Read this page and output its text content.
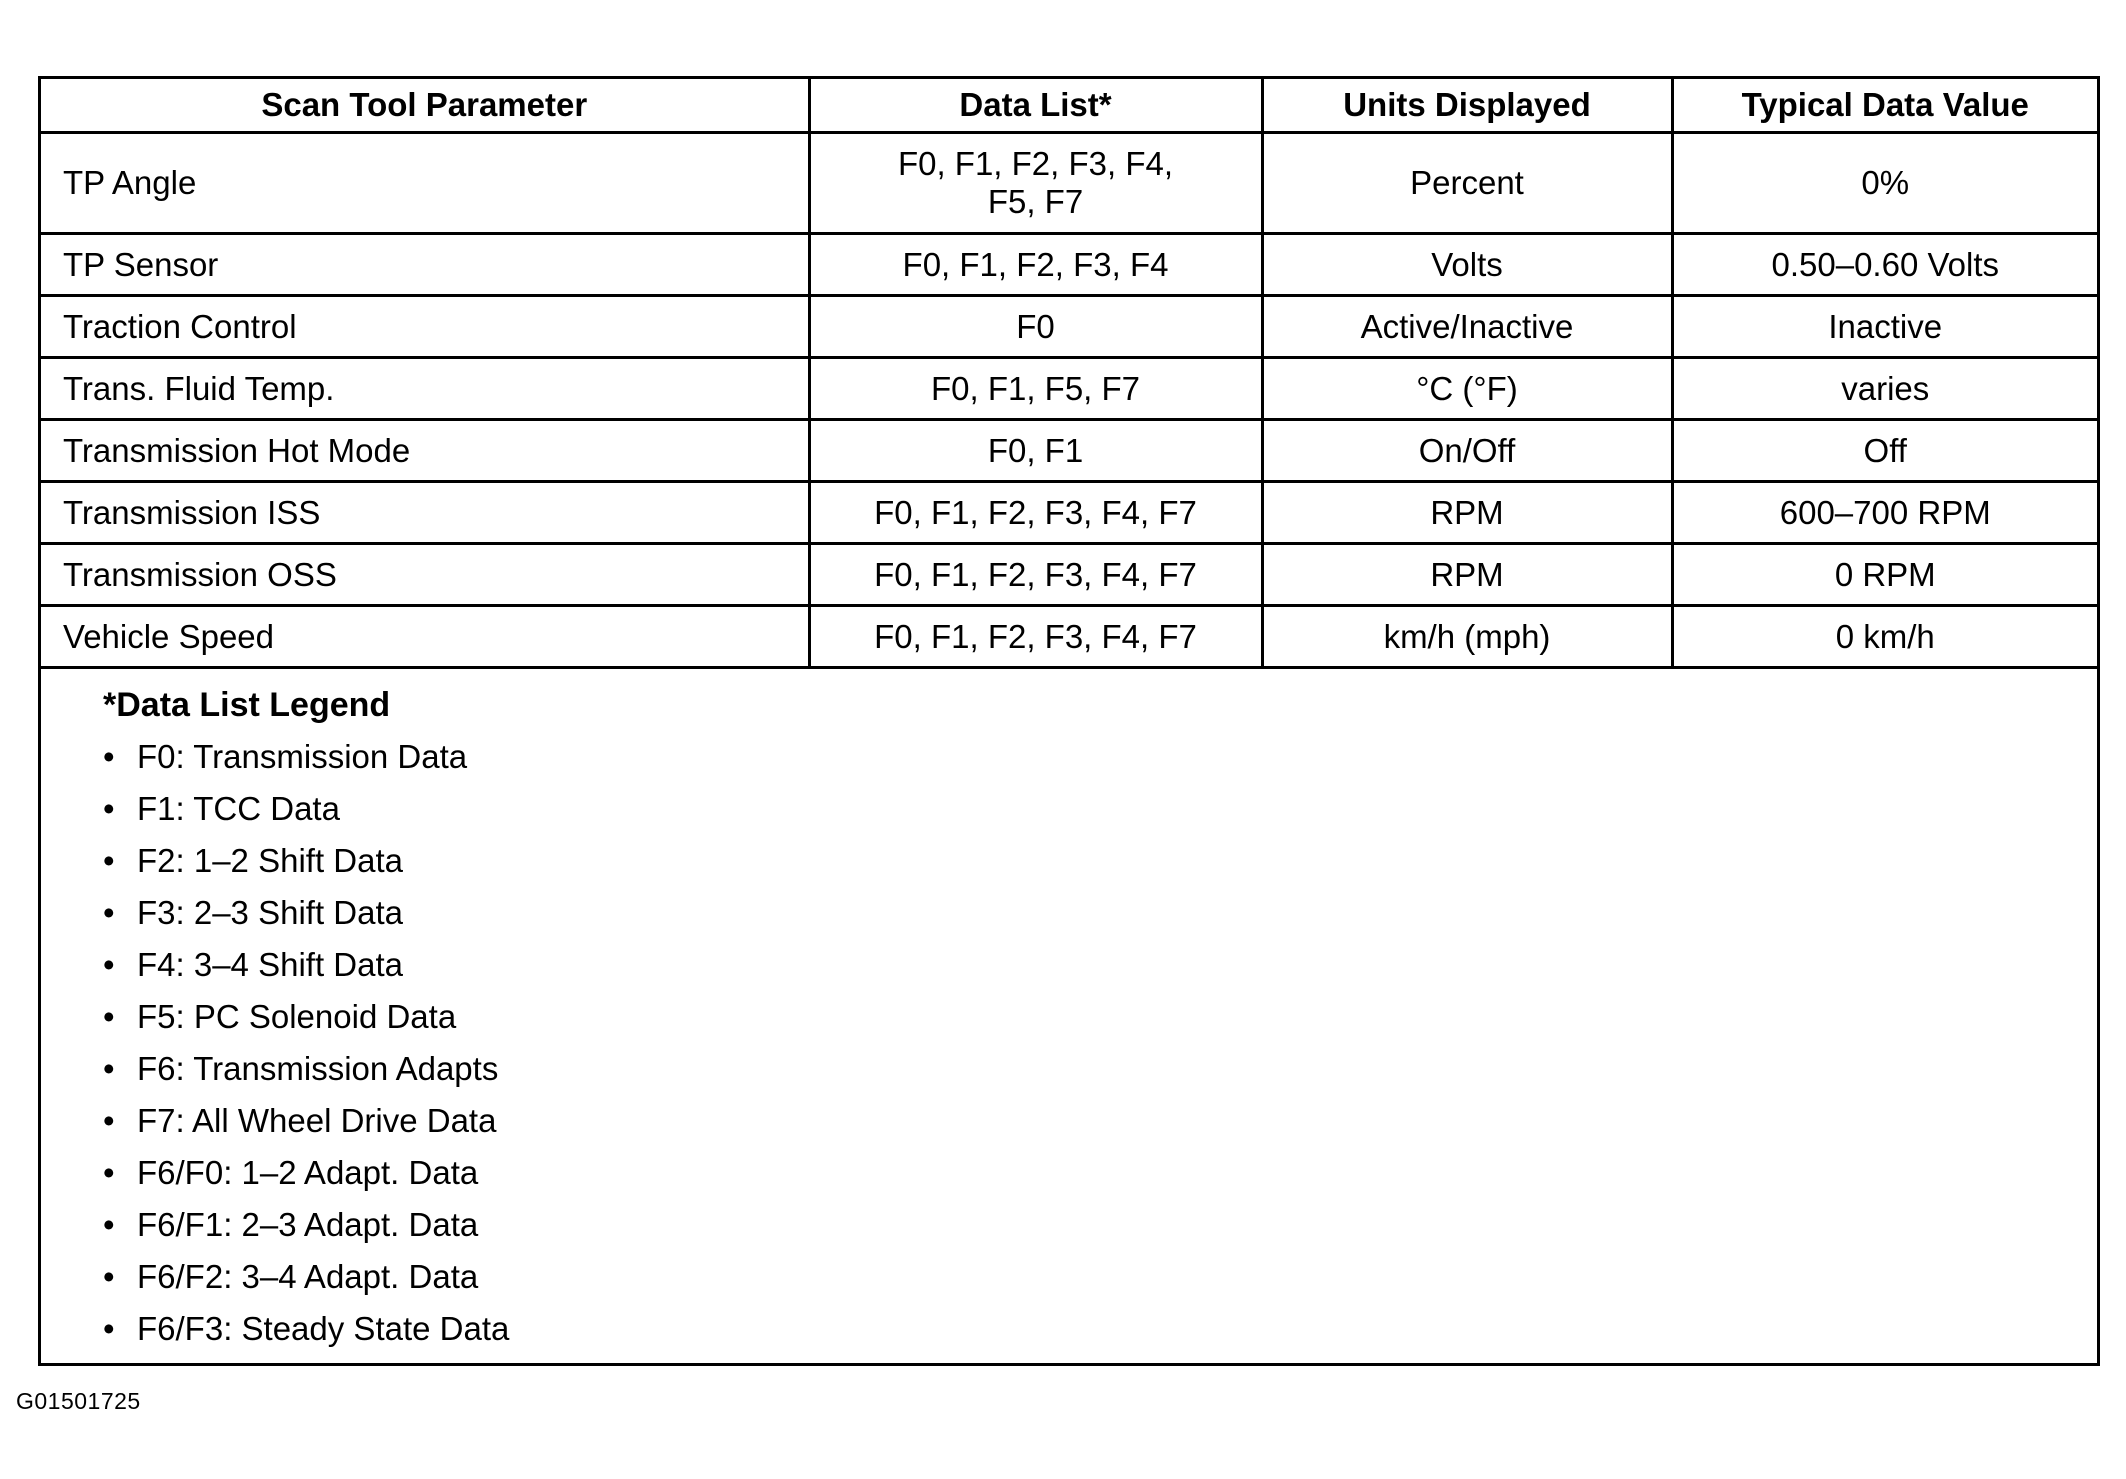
Scan Tool Parameter	Data List*	Units Displayed	Typical Data Value
TP Angle	F0, F1, F2, F3, F4, F5, F7	Percent	0%
TP Sensor	F0, F1, F2, F3, F4	Volts	0.50–0.60 Volts
Traction Control	F0	Active/Inactive	Inactive
Trans. Fluid Temp.	F0, F1, F5, F7	°C (°F)	varies
Transmission Hot Mode	F0, F1	On/Off	Off
Transmission ISS	F0, F1, F2, F3, F4, F7	RPM	600–700 RPM
Transmission OSS	F0, F1, F2, F3, F4, F7	RPM	0 RPM
Vehicle Speed	F0, F1, F2, F3, F4, F7	km/h (mph)	0 km/h
*Data List Legend
• F0: Transmission Data
• F1: TCC Data
• F2: 1–2 Shift Data
• F3: 2–3 Shift Data
• F4: 3–4 Shift Data
• F5: PC Solenoid Data
• F6: Transmission Adapts
• F7: All Wheel Drive Data
• F6/F0: 1–2 Adapt. Data
• F6/F1: 2–3 Adapt. Data
• F6/F2: 3–4 Adapt. Data
• F6/F3: Steady State Data
G01501725
